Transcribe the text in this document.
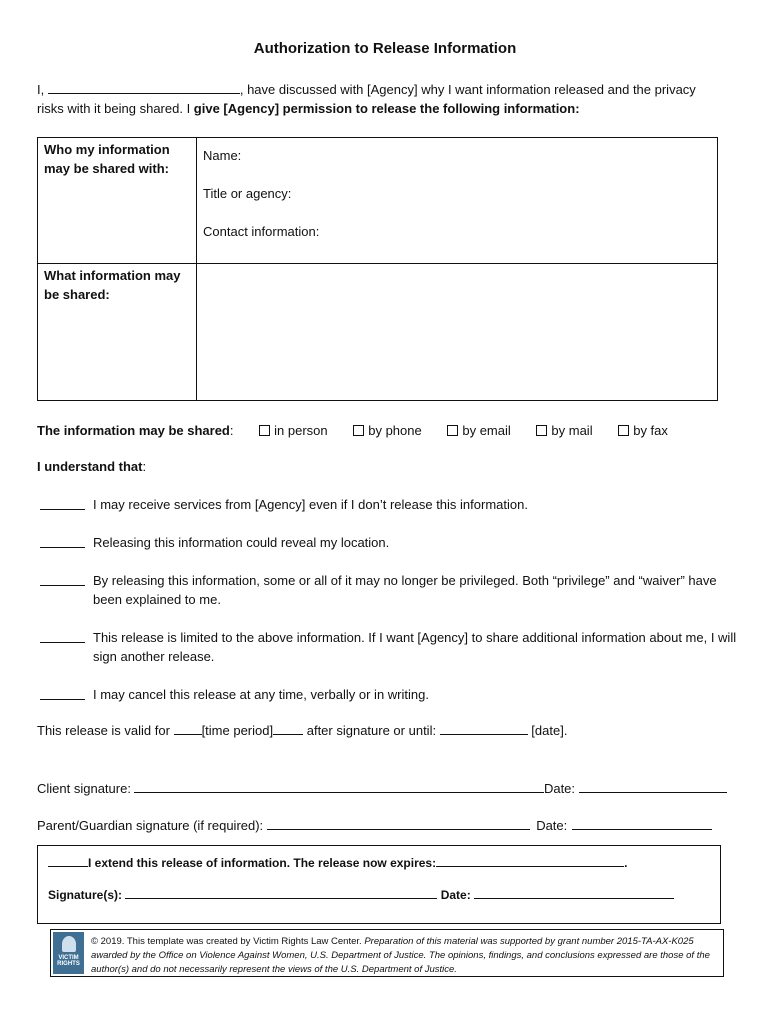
Authorization to Release Information
I,	, have discussed with [Agency] why I want information released and the privacy
risks with it being shared. I give [Agency] permission to release the following information:
Who my information may be shared with:
Name:
Title or agency:
Contact information:
What information may be shared:
The information may be shared:	in person	by phone	by email	by mail	by fax
I understand that:
I may receive services from [Agency] even if I don’t release this information.
Releasing this information could reveal my location.
By releasing this information, some or all of it may no longer be privileged. Both “privilege” and “waiver” have been explained to me.
This release is limited to the above information. If I want [Agency] to share additional information about me, I will sign another release.
I may cancel this release at any time, verbally or in writing.
This release is valid for [time period] after signature or until:	[date].
Client signature:	Date:
Parent/Guardian signature (if required):	Date:
I extend this release of information. The release now expires:	.
Signature(s):	Date:
VICTIM RIGHTS
© 2019. This template was created by Victim Rights Law Center. Preparation of this material was supported by grant number 2015-TA-AX-K025 awarded by the Office on Violence Against Women, U.S. Department of Justice. The opinions, findings, and conclusions expressed are those of the author(s) and do not necessarily represent the views of the U.S. Department of Justice.
